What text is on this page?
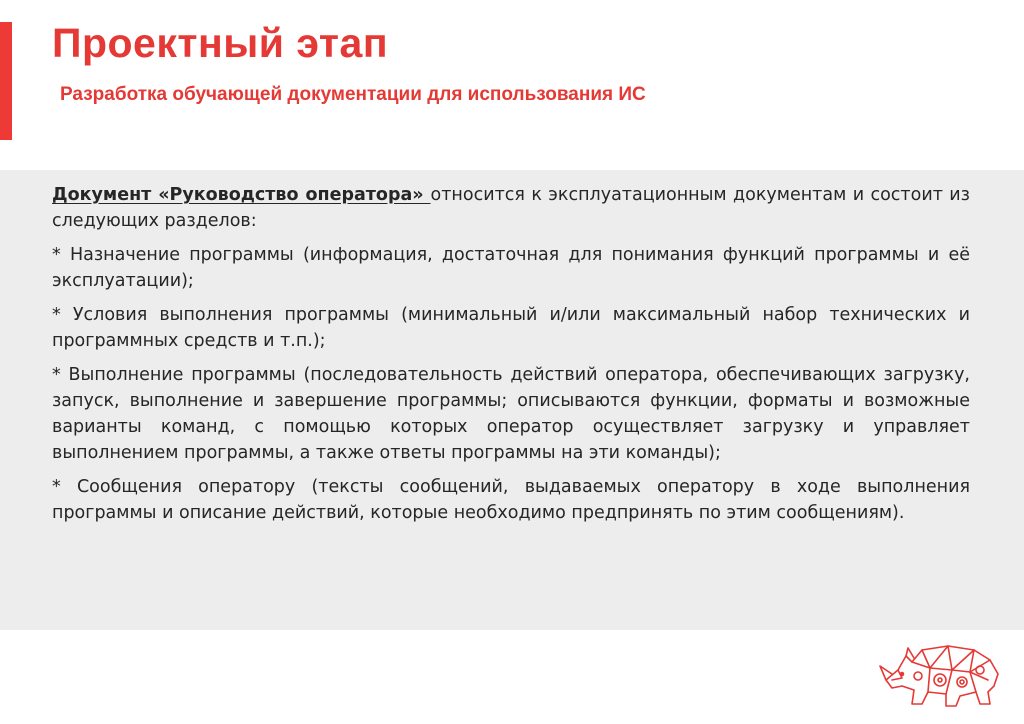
Проектный этап
Разработка обучающей документации для использования ИС

Документ «Руководство оператора» относится к эксплуатационным документам и состоит из следующих разделов:

* Назначение программы (информация, достаточная для понимания функций программы и её эксплуатации);

* Условия выполнения программы (минимальный и/или максимальный набор технических и программных средств и т.п.);

* Выполнение программы (последовательность действий оператора, обеспечивающих загрузку, запуск, выполнение и завершение программы; описываются функции, форматы и возможные варианты команд, с помощью которых оператор осуществляет загрузку и управляет выполнением программы, а также ответы программы на эти команды);

* Сообщения оператору (тексты сообщений, выдаваемых оператору в ходе выполнения программы и описание действий, которые необходимо предпринять по этим сообщениям).
